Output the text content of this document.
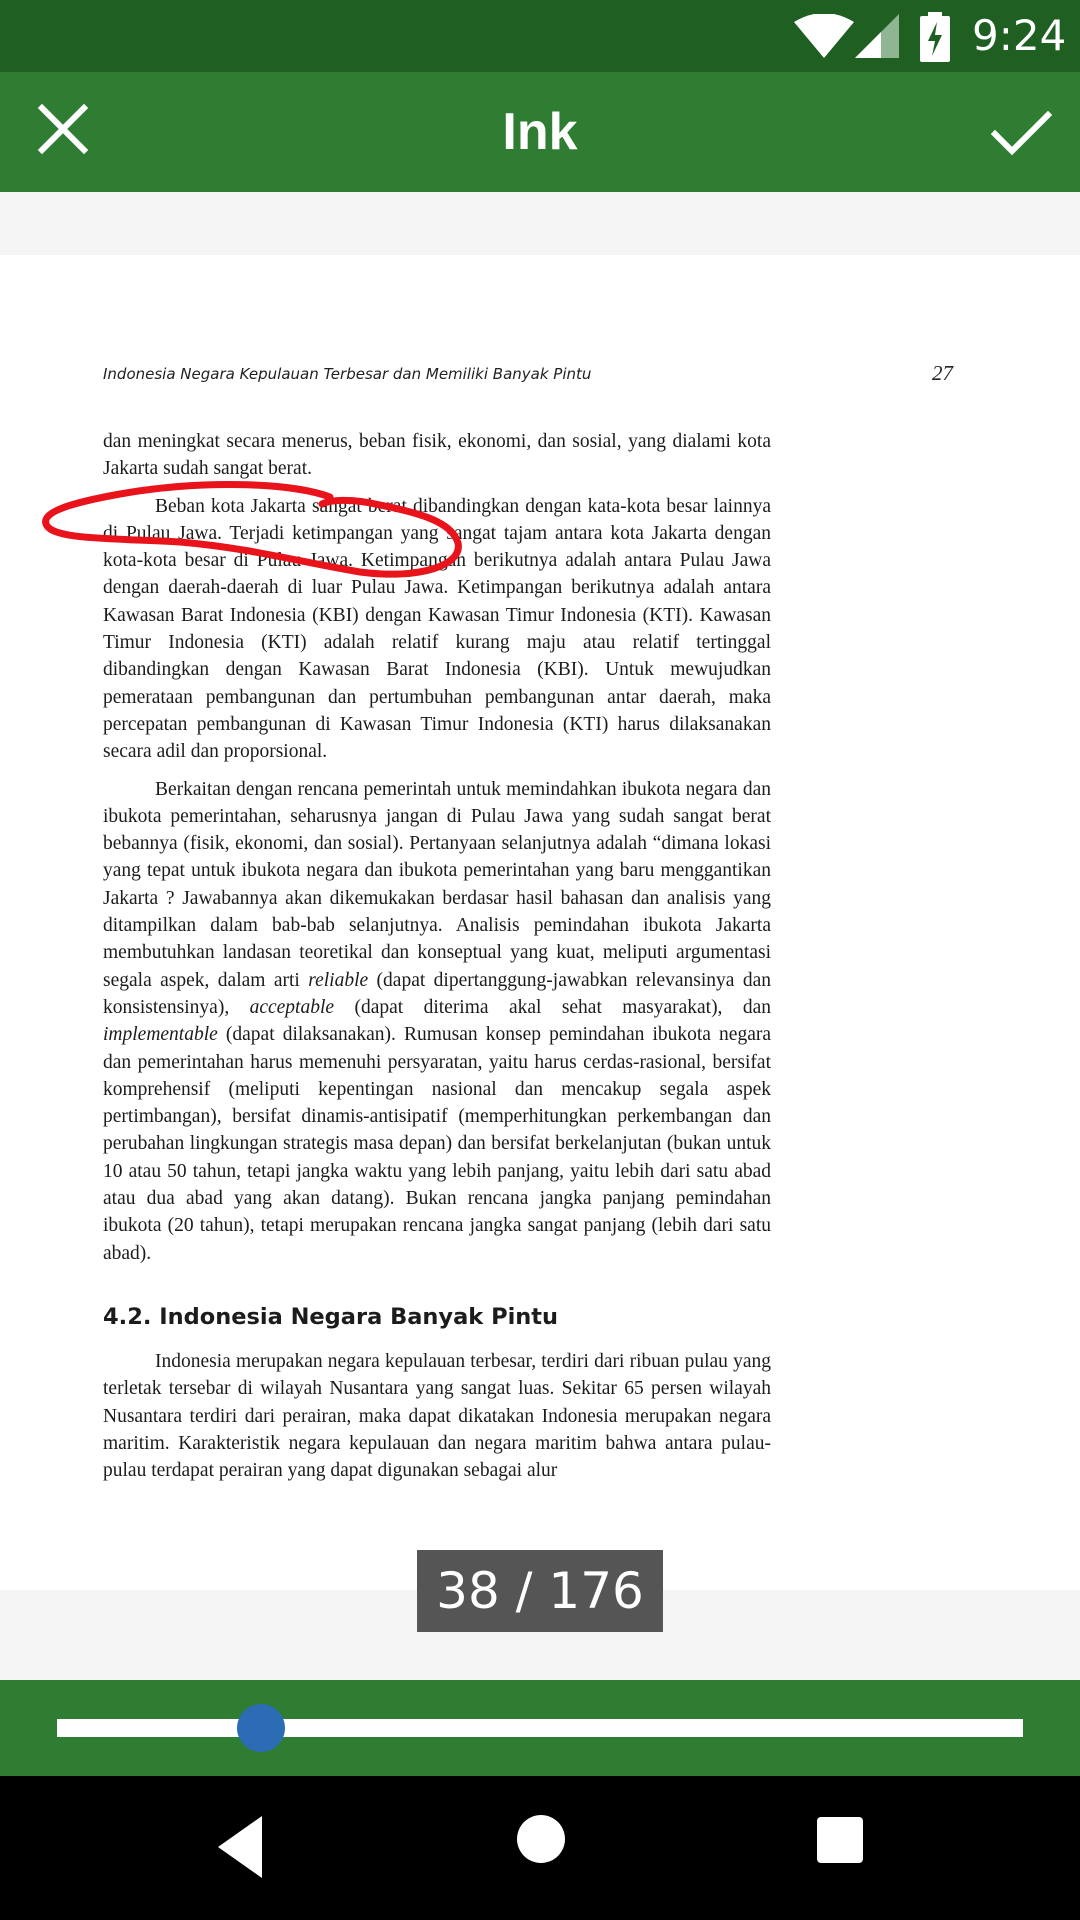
9:24
Ink
Indonesia Negara Kepulauan Terbesar dan Memiliki Banyak Pintu	27

dan meningkat secara menerus, beban fisik, ekonomi, dan sosial, yang dialami kota Jakarta sudah sangat berat.

Beban kota Jakarta sangat berat dibandingkan dengan kata-kota besar lainnya di Pulau Jawa. Terjadi ketimpangan yang sangat tajam antara kota Jakarta dengan kota-kota besar di Pulau Jawa. Ketimpangan berikutnya adalah antara Pulau Jawa dengan daerah-daerah di luar Pulau Jawa. Ketimpangan berikutnya adalah antara Kawasan Barat Indonesia (KBI) dengan Kawasan Timur Indonesia (KTI). Kawasan Timur Indonesia (KTI) adalah relatif kurang maju atau relatif tertinggal dibandingkan dengan Kawasan Barat Indonesia (KBI). Untuk mewujudkan pemerataan pembangunan dan pertumbuhan pembangunan antar daerah, maka percepatan pembangunan di Kawasan Timur Indonesia (KTI) harus dilaksanakan secara adil dan proporsional.

Berkaitan dengan rencana pemerintah untuk memindahkan ibukota negara dan ibukota pemerintahan, seharusnya jangan di Pulau Jawa yang sudah sangat berat bebannya (fisik, ekonomi, dan sosial). Pertanyaan selanjutnya adalah “dimana lokasi yang tepat untuk ibukota negara dan ibukota pemerintahan yang baru menggantikan Jakarta ? Jawabannya akan dikemukakan berdasar hasil bahasan dan analisis yang ditampilkan dalam bab-bab selanjutnya. Analisis pemindahan ibukota Jakarta membutuhkan landasan teoretikal dan konseptual yang kuat, meliputi argumentasi segala aspek, dalam arti reliable (dapat dipertanggung-jawabkan relevansinya dan konsistensinya), acceptable (dapat diterima akal sehat masyarakat), dan implementable (dapat dilaksanakan). Rumusan konsep pemindahan ibukota negara dan pemerintahan harus memenuhi persyaratan, yaitu harus cerdas-rasional, bersifat komprehensif (meliputi kepentingan nasional dan mencakup segala aspek pertimbangan), bersifat dinamis-antisipatif (memperhitungkan perkembangan dan perubahan lingkungan strategis masa depan) dan bersifat berkelanjutan (bukan untuk 10 atau 50 tahun, tetapi jangka waktu yang lebih panjang, yaitu lebih dari satu abad atau dua abad yang akan datang). Bukan rencana jangka panjang pemindahan ibukota (20 tahun), tetapi merupakan rencana jangka sangat panjang (lebih dari satu abad).

4.2. Indonesia Negara Banyak Pintu

Indonesia merupakan negara kepulauan terbesar, terdiri dari ribuan pulau yang terletak tersebar di wilayah Nusantara yang sangat luas. Sekitar 65 persen wilayah Nusantara terdiri dari perairan, maka dapat dikatakan Indonesia merupakan negara maritim. Karakteristik negara kepulauan dan negara maritim bahwa antara pulau-pulau terdapat perairan yang dapat digunakan sebagai alur

38 / 176
